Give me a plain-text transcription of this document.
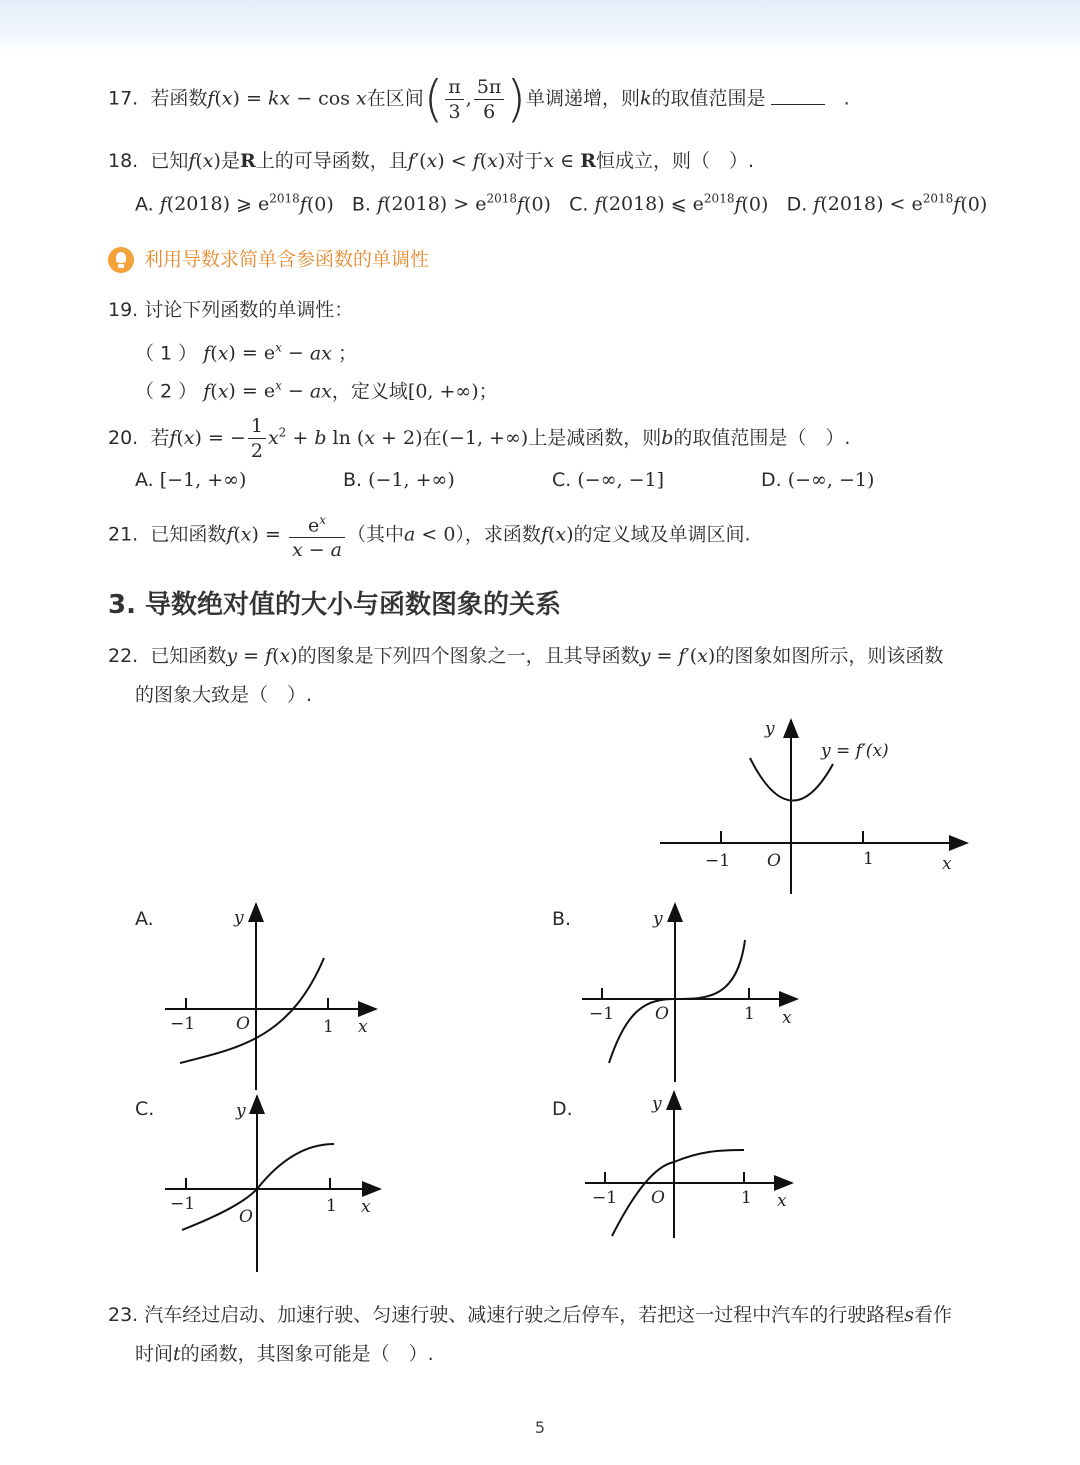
17. 若函数f(x) = kx − cos x在区间( $\frac{\pi}{3}$ , $\frac{5\pi}{6}$ )单调递增，则k的取值范围是	.
18. 已知f(x)是R上的可导函数，且f′(x) < f(x)对于x ∈ R恒成立，则（　）.
A. f(2018) ⩾ $e^{2018}f(0)$ B. $f(2018) > e^{2018}f(0)$ C. f(2018) ⩽ $e^{2018}f(0)$ D. $f(2018) < e^{2018}f(0)$
利用导数求简单含参函数的单调性
19. 讨论下列函数的单调性：
（ 1 ） $f(x) = e^x$ − ax ；
（ 2 ） $f(x) = e^x$ − ax，定义域[0, +∞)；
20. 若f(x) = − $\frac{1}{2} x^2 + b$ ln (x + 2)在(−1, +∞)上是减函数，则b的取值范围是（　）.
A. [−1, +∞)	B. (−1, +∞)	C. (−∞, −1]	D. (−∞, −1)
21. 已知函数$f(x) = \frac{e^x}{x - a}$ （其中a < 0），求函数f(x)的定义域及单调区间.
3. 导数绝对值的大小与函数图象的关系
22. 已知函数y = f(x)的图象是下列四个图象之一，且其导函数y = f′(x)的图象如图所示，则该函数
的图象大致是（　）.
y
y = f′(x)
−1 O	1	x
A.	y
−1 O	1 x
B.	y
−1 O	1 x
C.	y
−1
O
1 x
D.	y
−1 O	1 x
23. 汽车经过启动、加速行驶、匀速行驶、减速行驶之后停车，若把这一过程中汽车的行驶路程s看作
时间t的函数，其图象可能是（　）.
5
